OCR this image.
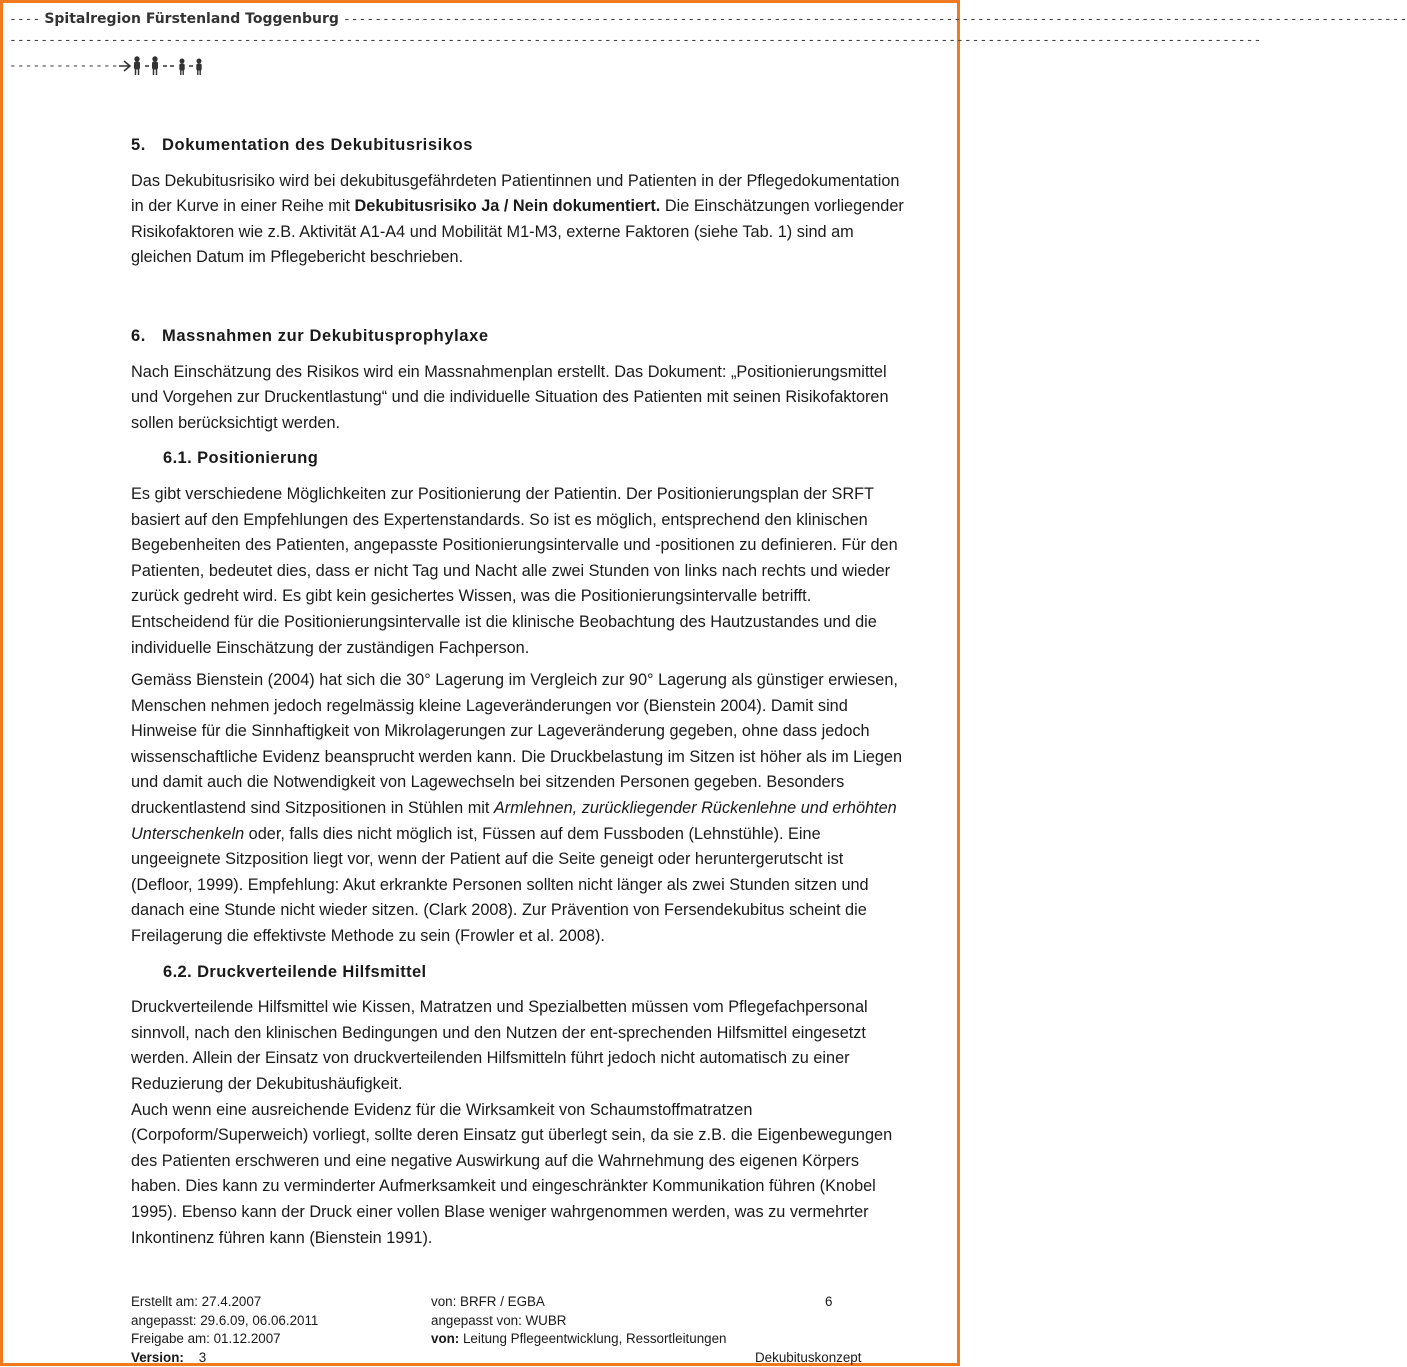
---- Spitalregion Fürstenland Toggenburg ----------------------------------------------------------------------------------------------------------------------------------------
----------------------------------------------------------------------------------------------------------------------------------------------------------------
--------------
5. Dokumentation des Dekubitusrisikos

Das Dekubitusrisiko wird bei dekubitusgefährdeten Patientinnen und Patienten in der Pflegedokumentation in der Kurve in einer Reihe mit Dekubitusrisiko Ja / Nein dokumentiert. Die Einschätzungen vorliegender Risikofaktoren wie z.B. Aktivität A1-A4 und Mobilität M1-M3, externe Faktoren (siehe Tab. 1) sind am gleichen Datum im Pflegebericht beschrieben.

6. Massnahmen zur Dekubitusprophylaxe

Nach Einschätzung des Risikos wird ein Massnahmenplan erstellt. Das Dokument: „Positionierungsmittel und Vorgehen zur Druckentlastung“ und die individuelle Situation des Patienten mit seinen Risikofaktoren sollen berücksichtigt werden.

6.1. Positionierung

Es gibt verschiedene Möglichkeiten zur Positionierung der Patientin. Der Positionierungsplan der SRFT basiert auf den Empfehlungen des Expertenstandards. So ist es möglich, entsprechend den klinischen Begebenheiten des Patienten, angepasste Positionierungsintervalle und -positionen zu definieren. Für den Patienten, bedeutet dies, dass er nicht Tag und Nacht alle zwei Stunden von links nach rechts und wieder zurück gedreht wird. Es gibt kein gesichertes Wissen, was die Positionierungsintervalle betrifft. Entscheidend für die Positionierungsintervalle ist die klinische Beobachtung des Hautzustandes und die individuelle Einschätzung der zuständigen Fachperson.

Gemäss Bienstein (2004) hat sich die 30° Lagerung im Vergleich zur 90° Lagerung als günstiger erwiesen, Menschen nehmen jedoch regelmässig kleine Lageveränderungen vor (Bienstein 2004). Damit sind Hinweise für die Sinnhaftigkeit von Mikrolagerungen zur Lageveränderung gegeben, ohne dass jedoch wissenschaftliche Evidenz beansprucht werden kann. Die Druckbelastung im Sitzen ist höher als im Liegen und damit auch die Notwendigkeit von Lagewechseln bei sitzenden Personen gegeben. Besonders druckentlastend sind Sitzpositionen in Stühlen mit Armlehnen, zurückliegender Rückenlehne und erhöhten Unterschenkeln oder, falls dies nicht möglich ist, Füssen auf dem Fussboden (Lehnstühle). Eine ungeeignete Sitzposition liegt vor, wenn der Patient auf die Seite geneigt oder heruntergerutscht ist (Defloor, 1999). Empfehlung: Akut erkrankte Personen sollten nicht länger als zwei Stunden sitzen und danach eine Stunde nicht wieder sitzen. (Clark 2008). Zur Prävention von Fersendekubitus scheint die Freilagerung die effektivste Methode zu sein (Frowler et al. 2008).

6.2. Druckverteilende Hilfsmittel

Druckverteilende Hilfsmittel wie Kissen, Matratzen und Spezialbetten müssen vom Pflegefachpersonal sinnvoll, nach den klinischen Bedingungen und den Nutzen der ent-sprechenden Hilfsmittel eingesetzt werden. Allein der Einsatz von druckverteilenden Hilfsmitteln führt jedoch nicht automatisch zu einer Reduzierung der Dekubitushäufigkeit.

Auch wenn eine ausreichende Evidenz für die Wirksamkeit von Schaumstoffmatratzen (Corpoform/Superweich) vorliegt, sollte deren Einsatz gut überlegt sein, da sie z.B. die Eigenbewegungen des Patienten erschweren und eine negative Auswirkung auf die Wahrnehmung des eigenen Körpers haben. Dies kann zu verminderter Aufmerksamkeit und eingeschränkter Kommunikation führen (Knobel 1995). Ebenso kann der Druck einer vollen Blase weniger wahrgenommen werden, was zu vermehrter Inkontinenz führen kann (Bienstein 1991).

Erstellt am: 27.4.2007
angepasst: 29.6.09, 06.06.2011
Freigabe am: 01.12.2007
Version: 3
von: BRFR / EGBA
angepasst von: WUBR
von: Leitung Pflegeentwicklung, Ressortleitungen
6
Dekubituskonzept
